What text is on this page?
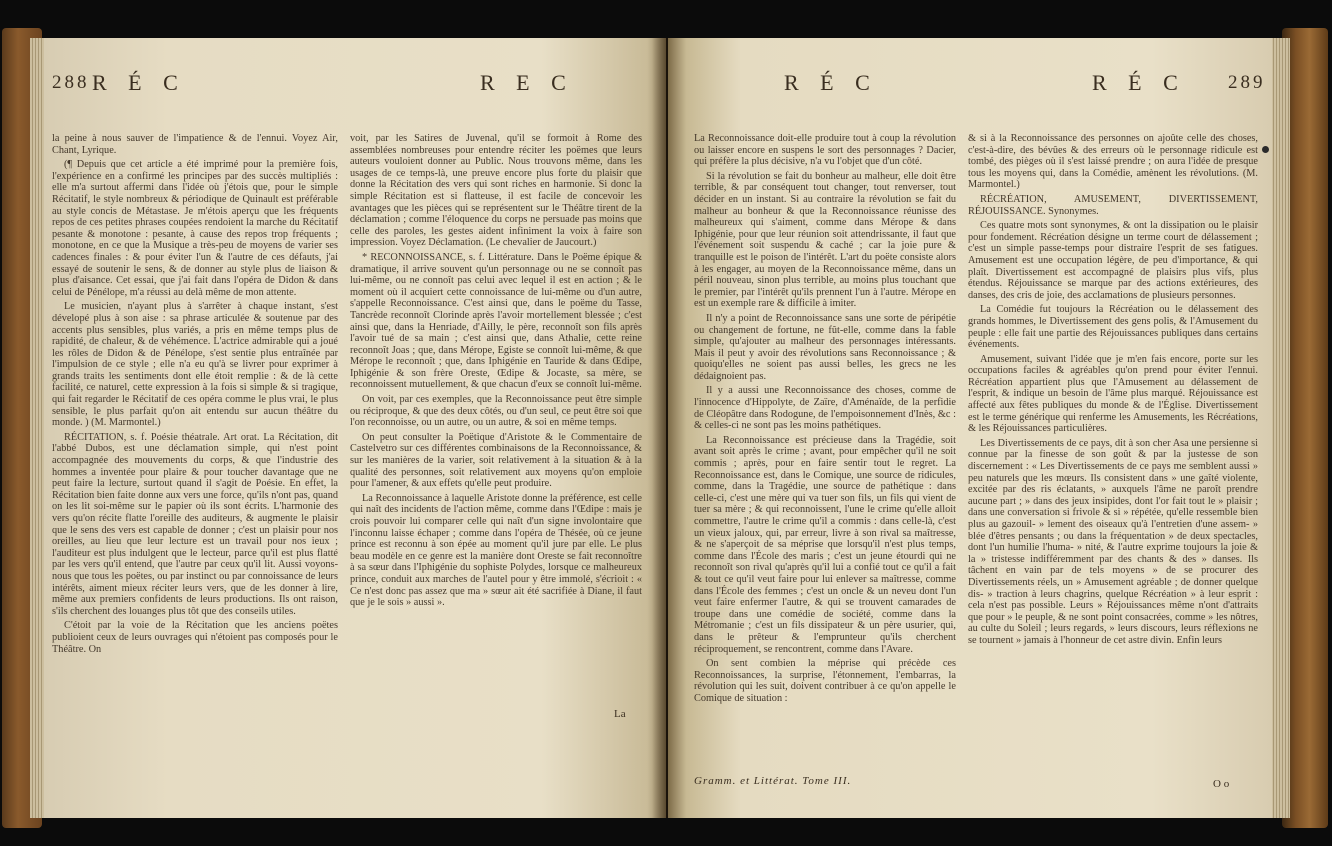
288 R É C	R E C

la peine à nous sauver de l'impatience & de l'ennui. Voyez Air, Chant, Lyrique.

(¶ Depuis que cet article a été imprimé pour la première fois, l'expérience en a confirmé les principes par des succès multipliés : elle m'a surtout affermi dans l'idée où j'étois que, pour le simple Récitatif, le style nombreux & périodique de Quinault est préférable au style concis de Métastase. Je m'étois aperçu que les fréquents repos de ces petites phrases coupées rendoient la marche du Récitatif pesante & monotone : pesante, à cause des repos trop fréquents ; monotone, en ce que la Musique a très-peu de moyens de varier ses cadences finales : & pour éviter l'un & l'autre de ces défauts, j'ai essayé de soutenir le sens, & de donner au style plus de liaison & plus d'aisance. Cet essai, que j'ai fait dans l'opéra de Didon & dans celui de Pénélope, m'a réussi au delà même de mon attente.

Le musicien, n'ayant plus à s'arrêter à chaque instant, s'est dévelopé plus à son aise : sa phrase articulée & soutenue par des accents plus sensibles, plus variés, a pris en même temps plus de rapidité, de chaleur, & de véhémence. L'actrice admirable qui a joué les rôles de Didon & de Pénélope, s'est sentie plus entraînée par l'impulsion de ce style ; elle n'a eu qu'à se livrer pour exprimer à grands traits les sentiments dont elle étoit remplie : & de là cette facilité, ce naturel, cette expression à la fois si simple & si tragique, qui fait regarder le Récitatif de ces opéra comme le plus vrai, le plus sensible, le plus parfait qu'on ait entendu sur aucun théâtre du monde. ) (M. Marmontel.)

RÉCITATION, s. f. Poésie théatrale. Art orat. La Récitation, dit l'abbé Dubos, est une déclamation simple, qui n'est point accompagnée des mouvements du corps, & que l'industrie des hommes a inventée pour plaire & pour toucher davantage que ne peut faire la lecture, surtout quand il s'agit de Poésie. En effet, la Récitation bien faite donne aux vers une force, qu'ils n'ont pas, quand on les lit soi-même sur le papier où ils sont écrits. L'harmonie des vers qu'on récite flatte l'oreille des auditeurs, & augmente le plaisir que le sens des vers est capable de donner ; c'est un plaisir pour nos oreilles, au lieu que leur lecture est un travail pour nos ieux ; l'auditeur est plus indulgent que le lecteur, parce qu'il est plus flatté par les vers qu'il entend, que l'autre par ceux qu'il lit. Aussi voyons-nous que tous les poëtes, ou par instinct ou par connoissance de leurs intérêts, aiment mieux réciter leurs vers, que de les donner à lire, même aux premiers confidents de leurs productions. Ils ont raison, s'ils cherchent des louanges plus tôt que des conseils utiles.

C'étoit par la voie de la Récitation que les anciens poëtes publioient ceux de leurs ouvrages qui n'étoient pas composés pour le Théâtre. On

voit, par les Satires de Juvenal, qu'il se formoit à Rome des assemblées nombreuses pour entendre réciter les poëmes que leurs auteurs vouloient donner au Public. Nous trouvons même, dans les usages de ce temps-là, une preuve encore plus forte du plaisir que donne la Récitation des vers qui sont riches en harmonie. Si donc la simple Récitation est si flatteuse, il est facile de concevoir les avantages que les pièces qui se représentent sur le Théâtre tirent de la déclamation ; comme l'éloquence du corps ne persuade pas moins que celle des paroles, les gestes aident infiniment la voix à faire son impression. Voyez Déclamation. (Le chevalier de Jaucourt.)

* RECONNOISSANCE, s. f. Littérature. Dans le Poëme épique & dramatique, il arrive souvent qu'un personnage ou ne se connoît pas lui-même, ou ne connoît pas celui avec lequel il est en action ; & le moment où il acquiert cette connoissance de lui-même ou d'un autre, s'appelle Reconnoissance. C'est ainsi que, dans le poëme du Tasse, Tancrède reconnoît Clorinde après l'avoir mortellement blessée ; c'est ainsi que, dans la Henriade, d'Ailly, le père, reconnoît son fils après l'avoir tué de sa main ; c'est ainsi que, dans Athalie, cette reine reconnoît Joas ; que, dans Mérope, Egiste se connoît lui-même, & que Mérope le reconnoît ; que, dans Iphigénie en Tauride & dans Œdipe, Iphigénie & son frère Oreste, Œdipe & Jocaste, sa mère, se reconnoissent mutuellement, & que chacun d'eux se connoît lui-même.

On voit, par ces exemples, que la Reconnoissance peut être simple ou réciproque, & que des deux côtés, ou d'un seul, ce peut être soi que l'on reconnoisse, ou un autre, ou un autre, & soi en même temps.

On peut consulter la Poëtique d'Aristote & le Commentaire de Castelvetro sur ces différentes combinaisons de la Reconnoissance, & sur les manières de la varier, soit relativement à la situation & à la qualité des personnes, soit relativement aux moyens qu'on emploie pour l'amener, & aux effets qu'elle peut produire.

La Reconnoissance à laquelle Aristote donne la préférence, est celle qui naît des incidents de l'action même, comme dans l'Œdipe : mais je crois pouvoir lui comparer celle qui naît d'un signe involontaire que l'inconnu laisse échaper ; comme dans l'opéra de Thésée, où ce jeune prince est reconnu à son épée au moment qu'il jure par elle. Le plus beau modèle en ce genre est la manière dont Oreste se fait reconnoître à sa sœur dans l'Iphigénie du sophiste Polydes, lorsque ce malheureux prince, conduit aux marches de l'autel pour y être immolé, s'écrioit : « Ce n'est donc pas assez que ma » sœur ait été sacrifiée à Diane, il faut que je le sois » aussi ».

La
R É C	R É C 289

La Reconnoissance doit-elle produire tout à coup la révolution ou laisser encore en suspens le sort des personnages ? Dacier, qui préfère la plus décisive, n'a vu l'objet que d'un côté.

Si la révolution se fait du bonheur au malheur, elle doit être terrible, & par conséquent tout changer, tout renverser, tout décider en un instant. Si au contraire la révolution se fait du malheur au bonheur & que la Reconnoissance réunisse des malheureux qui s'aiment, comme dans Mérope & dans Iphigénie, pour que leur réunion soit attendrissante, il faut que l'événement soit suspendu & caché ; car la joie pure & tranquille est le poison de l'intérêt. L'art du poëte consiste alors à les engager, au moyen de la Reconnoissance même, dans un péril nouveau, sinon plus terrible, au moins plus touchant que le premier, par l'intérêt qu'ils prennent l'un à l'autre. Mérope en est un exemple rare & difficile à imiter.

Il n'y a point de Reconnoissance sans une sorte de péripétie ou changement de fortune, ne fût-elle, comme dans la fable simple, qu'ajouter au malheur des personnages intéressants. Mais il peut y avoir des révolutions sans Reconnoissance ; & quoiqu'elles ne soient pas aussi belles, les grecs ne les dédaignoient pas.

Il y a aussi une Reconnoissance des choses, comme de l'innocence d'Hippolyte, de Zaïre, d'Aménaïde, de la perfidie de Cléopâtre dans Rodogune, de l'empoisonnement d'Inès, &c : & celles-ci ne sont pas les moins pathétiques.

La Reconnoissance est précieuse dans la Tragédie, soit avant soit après le crime ; avant, pour empêcher qu'il ne soit commis ; après, pour en faire sentir tout le regret. La Reconnoissance est, dans le Comique, une source de ridicules, comme, dans la Tragédie, une source de pathétique : dans celle-ci, c'est une mère qui va tuer son fils, un fils qui vient de tuer sa mère ; & qui reconnoissent, l'une le crime qu'elle alloit commettre, l'autre le crime qu'il a commis : dans celle-là, c'est un vieux jaloux, qui, par erreur, livre à son rival sa maîtresse, & ne s'aperçoit de sa méprise que lorsqu'il n'est plus temps, comme dans l'École des maris ; c'est un jeune étourdi qui ne reconnoît son rival qu'après qu'il lui a confié tout ce qu'il a fait & tout ce qu'il veut faire pour lui enlever sa maîtresse, comme dans l'École des femmes ; c'est un oncle & un neveu dont l'un veut faire enfermer l'autre, & qui se trouvent camarades de troupe dans une comédie de société, comme dans la Métromanie ; c'est un fils dissipateur & un père usurier, qui, dans le prêteur & l'emprunteur qu'ils cherchent réciproquement, se rencontrent, comme dans l'Avare.

On sent combien la méprise qui précède ces Reconnoissances, la surprise, l'étonnement, l'embarras, la révolution qui les suit, doivent contribuer à ce qu'on appelle le Comique de situation :

Gramm. et Littérat. Tome III.

& si à la Reconnoissance des personnes on ajoûte celle des choses, c'est-à-dire, des bévûes & des erreurs où le personnage ridicule est tombé, des pièges où il s'est laissé prendre ; on aura l'idée de presque tous les moyens qui, dans la Comédie, amènent les révolutions. (M. Marmontel.)

RÉCRÉATION, AMUSEMENT, DIVERTISSEMENT, RÉJOUISSANCE. Synonymes.

Ces quatre mots sont synonymes, & ont la dissipation ou le plaisir pour fondement. Récréation désigne un terme court de délassement ; c'est un simple passe-temps pour distraire l'esprit de ses fatigues. Amusement est une occupation légère, de peu d'importance, & qui plaît. Divertissement est accompagné de plaisirs plus vifs, plus étendus. Réjouissance se marque par des actions extérieures, des danses, des cris de joie, des acclamations de plusieurs personnes.

La Comédie fut toujours la Récréation ou le délassement des grands hommes, le Divertissement des gens polis, & l'Amusement du peuple : elle fait une partie des Réjouissances publiques dans certains événements.

Amusement, suivant l'idée que je m'en fais encore, porte sur les occupations faciles & agréables qu'on prend pour éviter l'ennui. Récréation appartient plus que l'Amusement au délassement de l'esprit, & indique un besoin de l'âme plus marqué. Réjouissance est affecté aux fêtes publiques du monde & de l'Église. Divertissement est le terme générique qui renferme les Amusements, les Récréations, & les Réjouissances particulières.

Les Divertissements de ce pays, dit à son cher Asa une persienne si connue par la finesse de son goût & par la justesse de son discernement : « Les Divertissements de ce pays me semblent aussi » peu naturels que les mœurs. Ils consistent dans » une gaîté violente, excitée par des ris éclatants, » auxquels l'âme ne paroît prendre aucune part ; » dans des jeux insipides, dont l'or fait tout le » plaisir ; dans une conversation si frivole & si » répétée, qu'elle ressemble bien plus au gazouil- » lement des oiseaux qu'à l'entretien d'une assem- » blée d'êtres pensants ; ou dans la fréquentation » de deux spectacles, dont l'un humilie l'huma- » nité, & l'autre exprime toujours la joie & la » tristesse indifféremment par des chants & des » danses. Ils tâchent en vain par de tels moyens » de se procurer des Divertissements réels, un » Amusement agréable ; de donner quelque dis- » traction à leurs chagrins, quelque Récréation » à leur esprit : cela n'est pas possible. Leurs » Réjouissances même n'ont d'attraits que pour » le peuple, & ne sont point consacrées, comme » les nôtres, au culte du Soleil ; leurs regards, » leurs discours, leurs réflexions ne se tournent » jamais à l'honneur de cet astre divin. Enfin leurs

O o
